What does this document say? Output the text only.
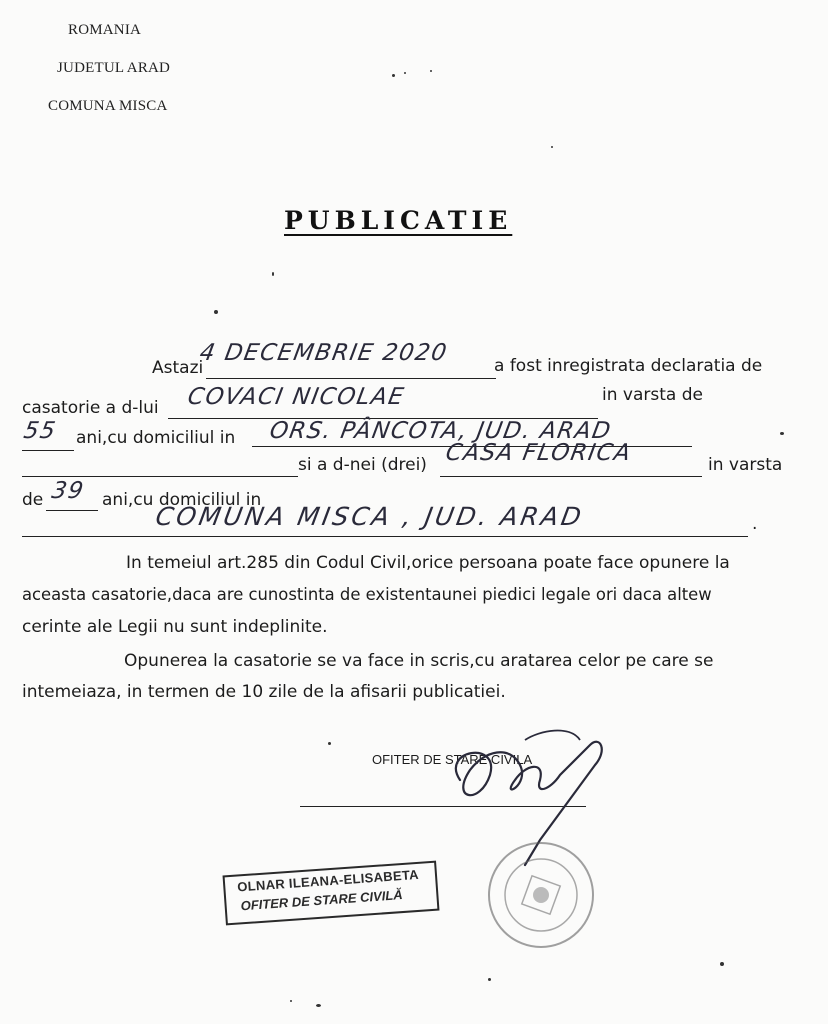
ROMANIA
JUDETUL ARAD
COMUNA MISCA
PUBLICATIE
Astazi
4 DECEMBRIE 2020	a fost inregistrata declaratia de
casatorie a d-lui COVACI NICOLAE	in varsta de
55 ani,cu domiciliul in ORS. PÂNCOTA, JUD. ARAD
si a d-nei (drei) CASA FLORICA	in varsta
de 39 ani,cu domiciliul in
COMUNA MISCA , JUD. ARAD	.
In temeiul art.285 din Codul Civil,orice persoana poate face opunere la
aceasta casatorie,daca are cunostinta de existentaunei piedici legale ori daca altew
cerinte ale Legii nu sunt indeplinite.
Opunerea la casatorie se va face in scris,cu aratarea celor pe care se
intemeiaza, in termen de 10 zile de la afisarii publicatiei.
OFITER DE STARE CIVILA
OLNAR ILEANA-ELISABETA
OFITER DE STARE CIVILĂ
